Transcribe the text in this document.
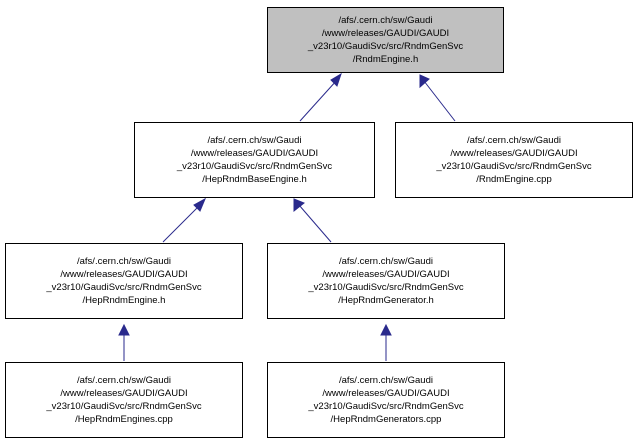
/afs/.cern.ch/sw/Gaudi
/www/releases/GAUDI/GAUDI
_v23r10/GaudiSvc/src/RndmGenSvc
/RndmEngine.h
/afs/.cern.ch/sw/Gaudi
/www/releases/GAUDI/GAUDI
_v23r10/GaudiSvc/src/RndmGenSvc
/HepRndmBaseEngine.h
/afs/.cern.ch/sw/Gaudi
/www/releases/GAUDI/GAUDI
_v23r10/GaudiSvc/src/RndmGenSvc
/RndmEngine.cpp
/afs/.cern.ch/sw/Gaudi
/www/releases/GAUDI/GAUDI
_v23r10/GaudiSvc/src/RndmGenSvc
/HepRndmEngine.h
/afs/.cern.ch/sw/Gaudi
/www/releases/GAUDI/GAUDI
_v23r10/GaudiSvc/src/RndmGenSvc
/HepRndmGenerator.h
/afs/.cern.ch/sw/Gaudi
/www/releases/GAUDI/GAUDI
_v23r10/GaudiSvc/src/RndmGenSvc
/HepRndmEngines.cpp
/afs/.cern.ch/sw/Gaudi
/www/releases/GAUDI/GAUDI
_v23r10/GaudiSvc/src/RndmGenSvc
/HepRndmGenerators.cpp
